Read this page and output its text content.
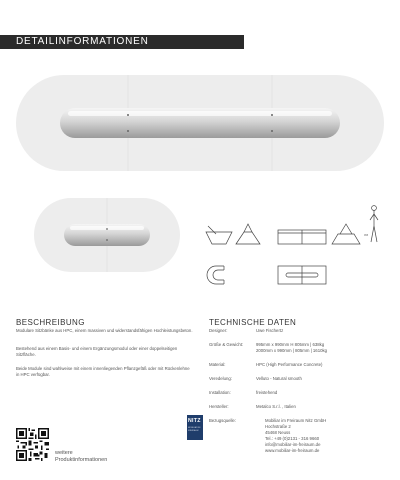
DETAILINFORMATIONEN
995
BESCHREIBUNG
Modulare Sitzbänke aus HPC, einem massiven und widerstandsfähigen Hochleistungsbeton.
Bestehend aus einem Basis- und einem Ergänzungsmodul oder einer doppelseitigen Sitzfläche.
Beide Module sind wahlweise mit einem innenliegenden Pflanzgefäß oder mit Rückenlehne in HPC verfügbar.
TECHNISCHE DATEN
Designer:	Uwe Fischertz
Größe & Gewicht:	995mm x 990mm H 805mm | 638kg
2000mm x 990mm | 805mm | 1610kg
Material:	HPC (High Performance Concrete)
Veredelung:	Velluto - Natural smooth
Installation:	freistehend
Hersteller:	Metalco S.r.l. , Italien
Bezugsquelle:	Mobiliar im Freiraum Nitz GmbH
Hochstraße 2
45468 Neuss
Tel.: +49 (0)2131 - 316 9660
info@mobiliar-im-freiraum.de
www.mobiliar-im-freiraum.de
NITZ
MOBILIAR IM FREIRAUM
weitere
Produktinformationen
